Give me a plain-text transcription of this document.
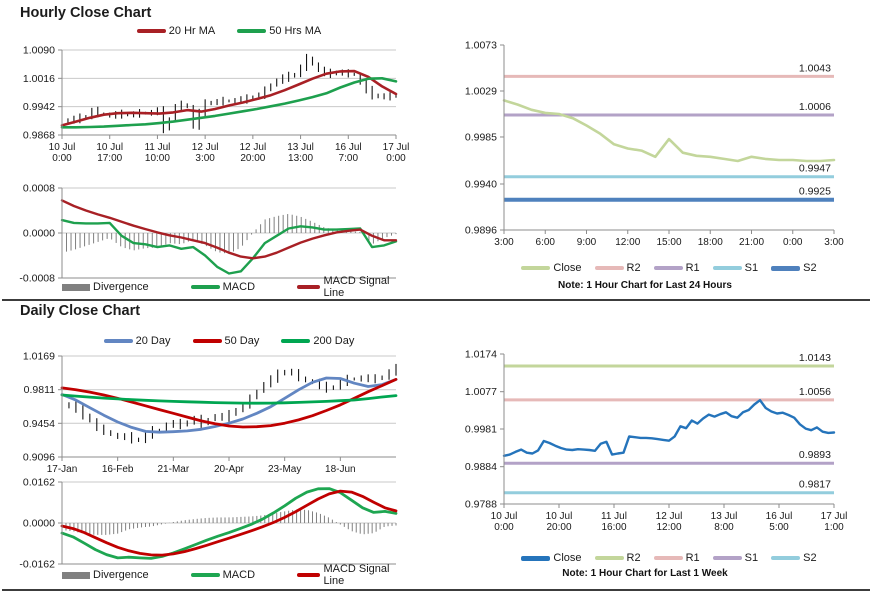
Hourly Close Chart
Daily Close Chart
1.0090
1.0016
0.9942
0.9868
10 Jul
0:00
10 Jul
17:00
11 Jul
10:00
12 Jul
3:00
12 Jul
20:00
13 Jul
13:00
16 Jul
7:00
17 Jul
0:00
0.0008
0.0000
-0.0008
1.0073
1.0029
0.9985
0.9940
0.9896
1.0043
1.0006
0.9947
0.9925
3:00 6:00 9:00 12:00 15:00 18:00 21:00 0:00 3:00
1.0169
0.9811
0.9454
0.9096
17-Jan 16-Feb 21-Mar 20-Apr 23-May 18-Jun
0.0162
0.0000
-0.0162
1.0174
1.0077
0.9981
0.9884
0.9788
1.0143
1.0056
0.9893
0.9817
10 Jul
0:00
10 Jul
20:00
11 Jul
16:00
12 Jul
12:00
13 Jul
8:00
16 Jul
5:00
17 Jul
1:00
20 Hr MA	50 Hrs MA
Divergence	MACD	MACD Signal Line
Close	R2	R1	S1	S2
Note: 1 Hour Chart for Last 24 Hours
20 Day	50 Day	200 Day
Divergence	MACD	MACD Signal Line
Close	R2	R1	S1	S2
Note: 1 Hour Chart for Last 1 Week
